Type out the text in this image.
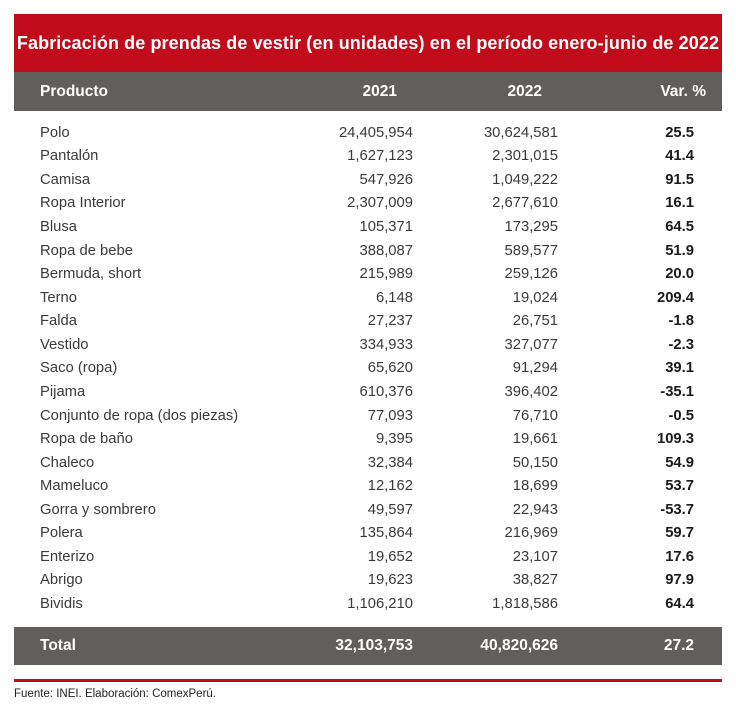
Fabricación de prendas de vestir (en unidades) en el período enero-junio de 2022
Producto	2021	2022	Var. %
Polo	24,405,954	30,624,581	25.5
Pantalón	1,627,123	2,301,015	41.4
Camisa	547,926	1,049,222	91.5
Ropa Interior	2,307,009	2,677,610	16.1
Blusa	105,371	173,295	64.5
Ropa de bebe	388,087	589,577	51.9
Bermuda, short	215,989	259,126	20.0
Terno	6,148	19,024	209.4
Falda	27,237	26,751	-1.8
Vestido	334,933	327,077	-2.3
Saco (ropa)	65,620	91,294	39.1
Pijama	610,376	396,402	-35.1
Conjunto de ropa (dos piezas)	77,093	76,710	-0.5
Ropa de baño	9,395	19,661	109.3
Chaleco	32,384	50,150	54.9
Mameluco	12,162	18,699	53.7
Gorra y sombrero	49,597	22,943	-53.7
Polera	135,864	216,969	59.7
Enterizo	19,652	23,107	17.6
Abrigo	19,623	38,827	97.9
Bividis	1,106,210	1,818,586	64.4
Total	32,103,753	40,820,626	27.2
Fuente: INEI. Elaboración: ComexPerú.
